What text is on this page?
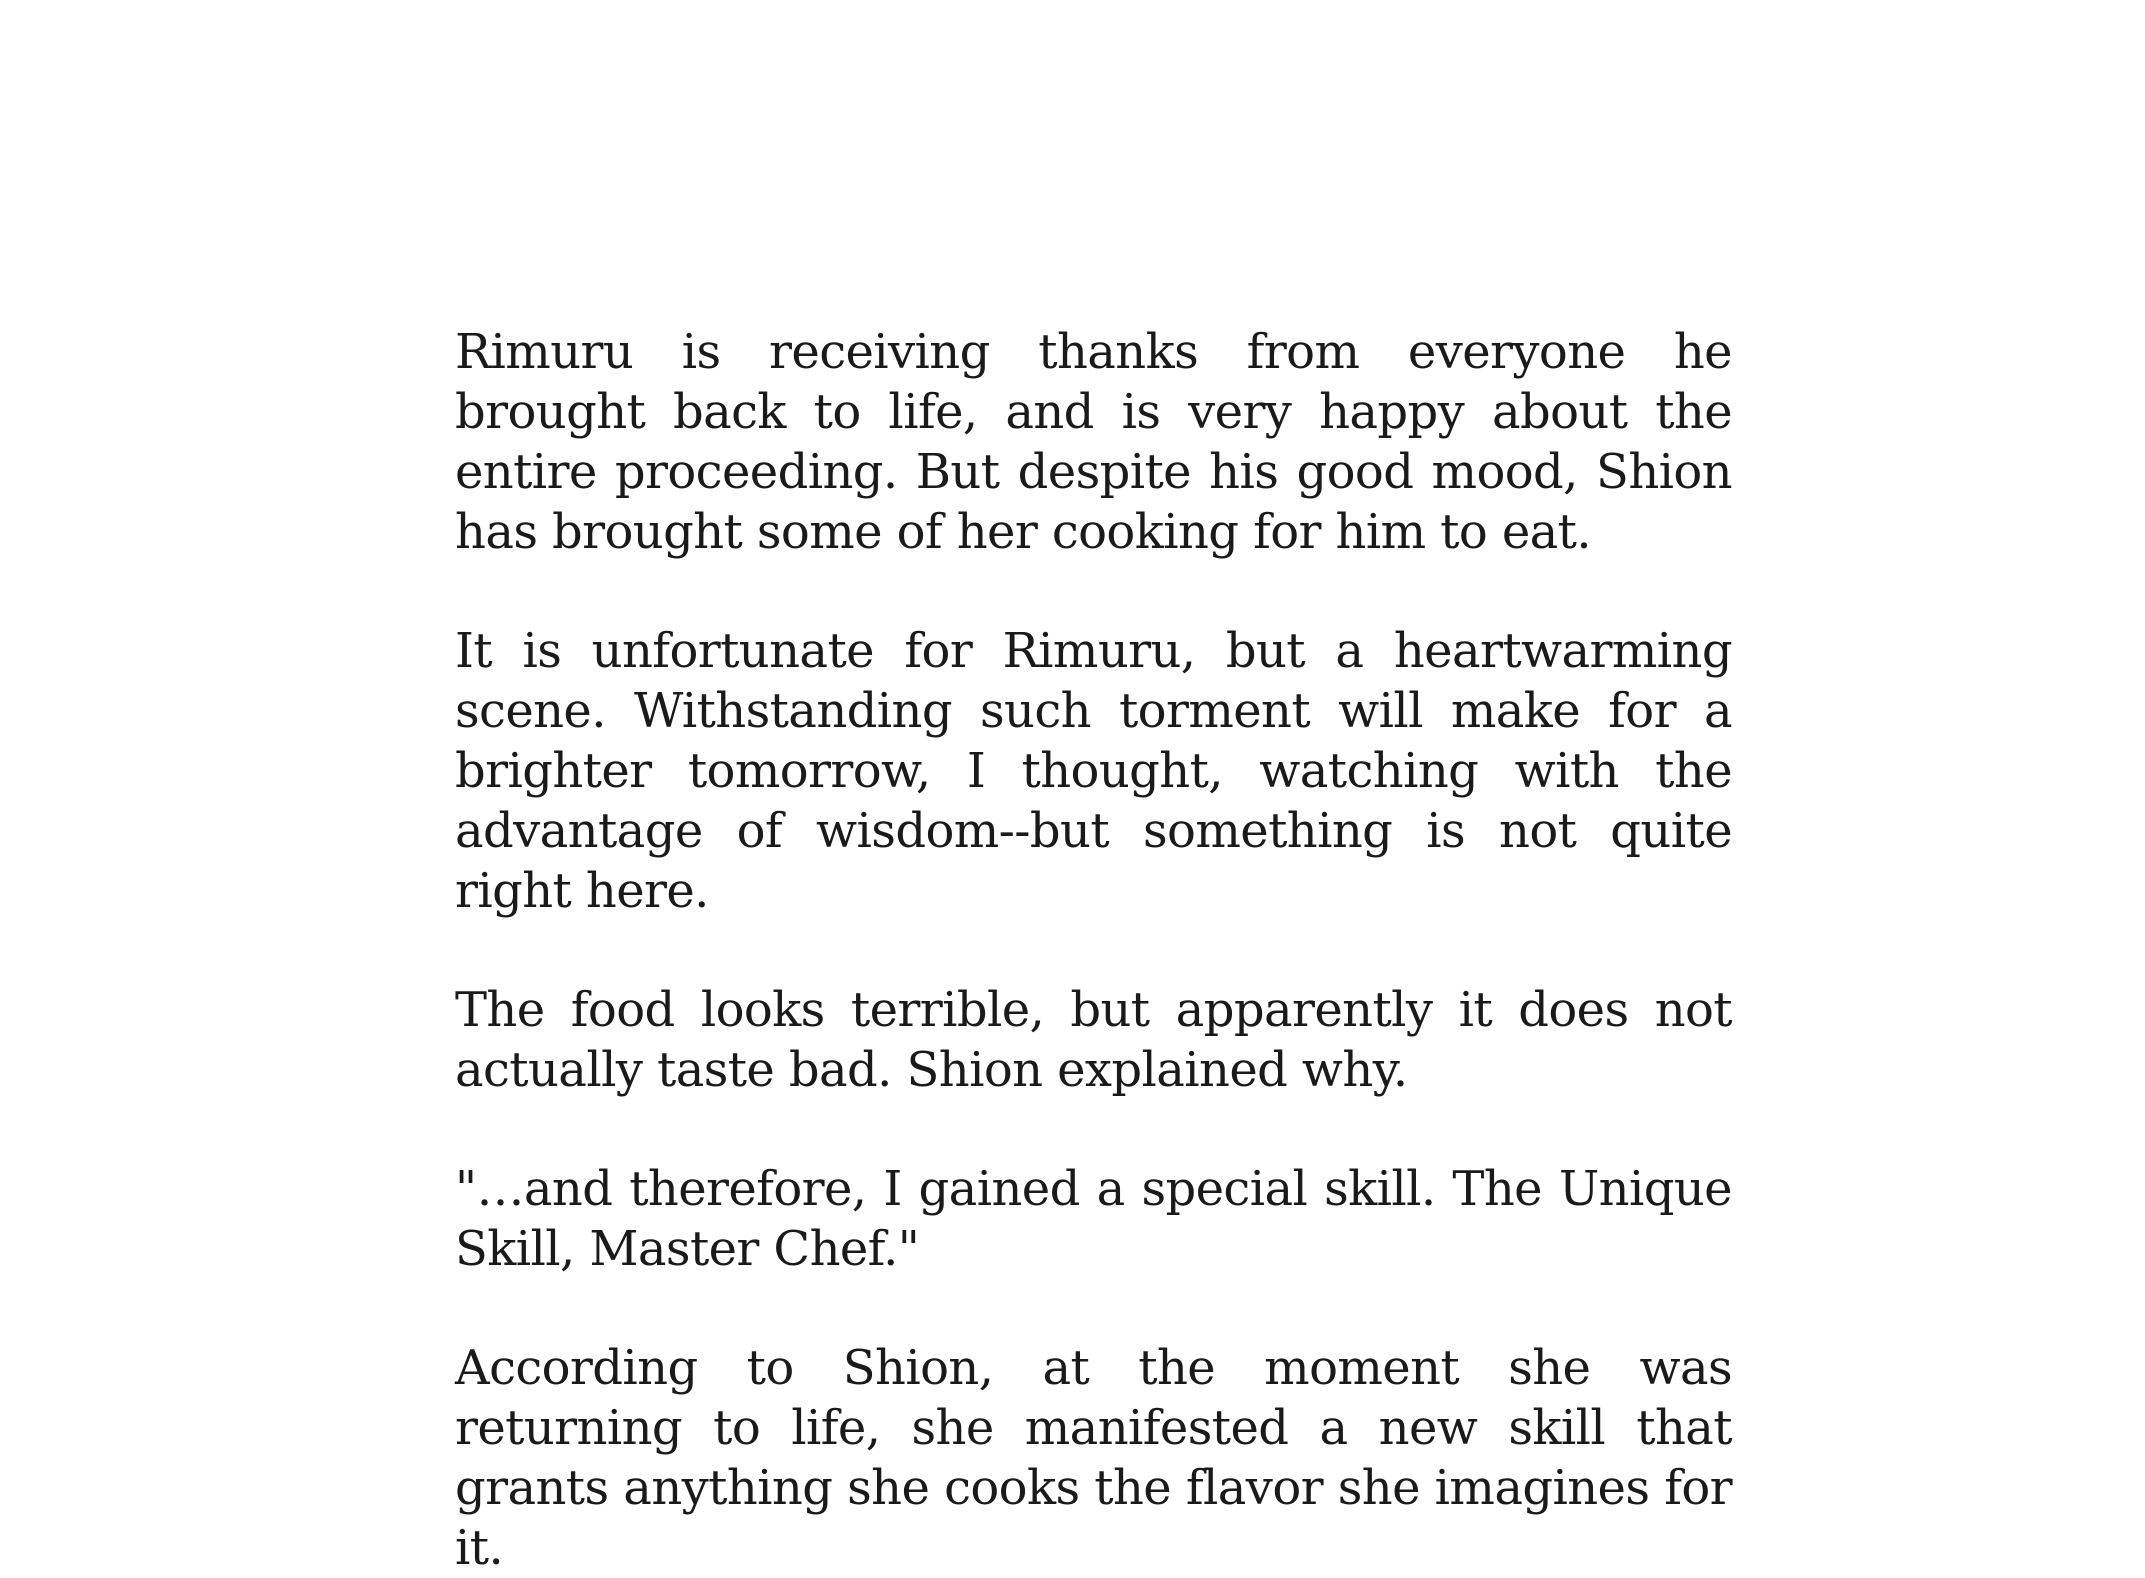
Rimuru is receiving thanks from everyone he brought back to life, and is very happy about the entire proceeding. But despite his good mood, Shion has brought some of her cooking for him to eat.

It is unfortunate for Rimuru, but a heartwarming scene. Withstanding such torment will make for a brighter tomorrow, I thought, watching with the advantage of wisdom--but something is not quite right here.

The food looks terrible, but apparently it does not actually taste bad. Shion explained why.

"…and therefore, I gained a special skill. The Unique Skill, Master Chef."

According to Shion, at the moment she was returning to life, she manifested a new skill that grants anything she cooks the flavor she imagines for it.
